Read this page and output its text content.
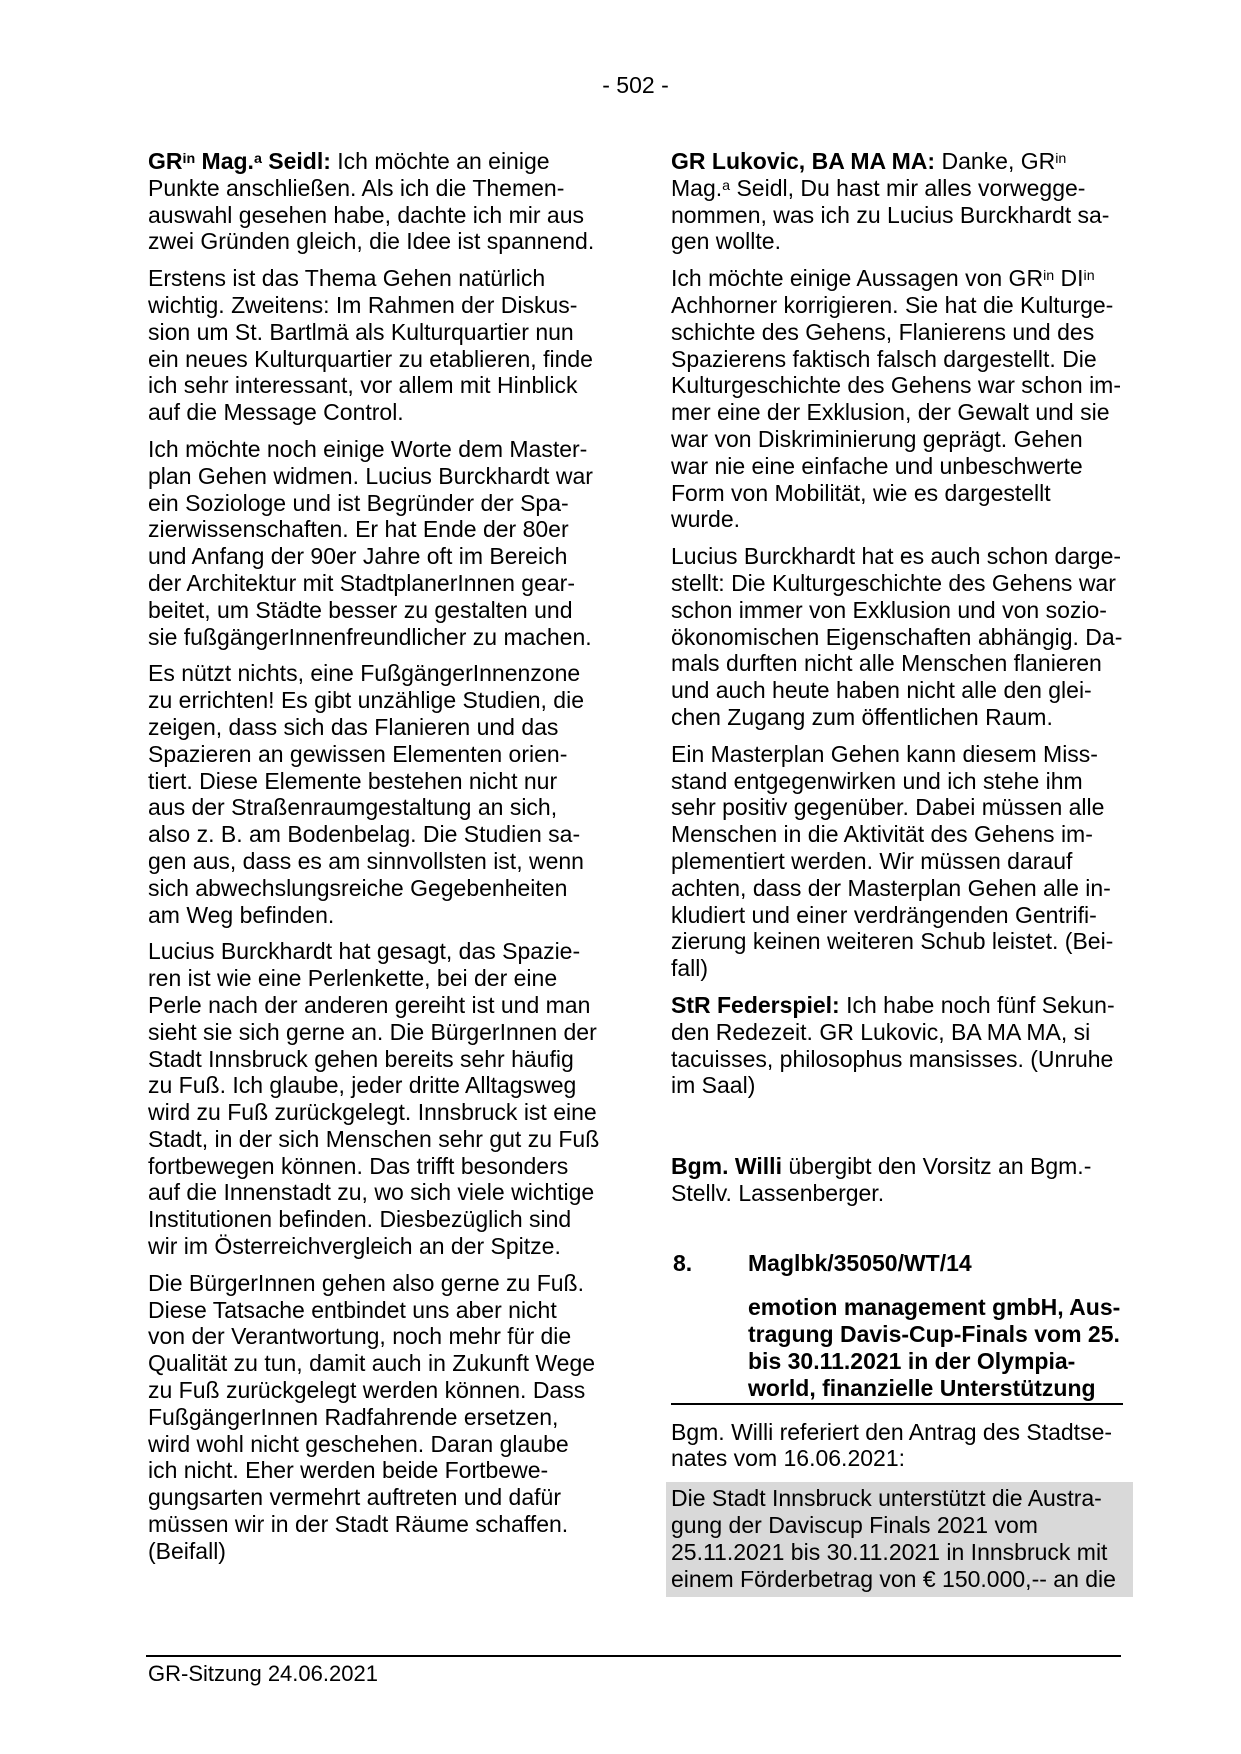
- 502 -
$GR^{in}$ Mag.$^a$ Seidl: Ich möchte an einige
Punkte anschließen. Als ich die Themen-
auswahl gesehen habe, dachte ich mir aus
zwei Gründen gleich, die Idee ist spannend.
Erstens ist das Thema Gehen natürlich
wichtig. Zweitens: Im Rahmen der Diskus-
sion um St. Bartlmä als Kulturquartier nun
ein neues Kulturquartier zu etablieren, finde
ich sehr interessant, vor allem mit Hinblick
auf die Message Control.
Ich möchte noch einige Worte dem Master-
plan Gehen widmen. Lucius Burckhardt war
ein Soziologe und ist Begründer der Spa-
zierwissenschaften. Er hat Ende der 80er
und Anfang der 90er Jahre oft im Bereich
der Architektur mit StadtplanerInnen gear-
beitet, um Städte besser zu gestalten und
sie fußgängerInnenfreundlicher zu machen.
Es nützt nichts, eine FußgängerInnenzone
zu errichten! Es gibt unzählige Studien, die
zeigen, dass sich das Flanieren und das
Spazieren an gewissen Elementen orien-
tiert. Diese Elemente bestehen nicht nur
aus der Straßenraumgestaltung an sich,
also z. B. am Bodenbelag. Die Studien sa-
gen aus, dass es am sinnvollsten ist, wenn
sich abwechslungsreiche Gegebenheiten
am Weg befinden.
Lucius Burckhardt hat gesagt, das Spazie-
ren ist wie eine Perlenkette, bei der eine
Perle nach der anderen gereiht ist und man
sieht sie sich gerne an. Die BürgerInnen der
Stadt Innsbruck gehen bereits sehr häufig
zu Fuß. Ich glaube, jeder dritte Alltagsweg
wird zu Fuß zurückgelegt. Innsbruck ist eine
Stadt, in der sich Menschen sehr gut zu Fuß
fortbewegen können. Das trifft besonders
auf die Innenstadt zu, wo sich viele wichtige
Institutionen befinden. Diesbezüglich sind
wir im Österreichvergleich an der Spitze.
Die BürgerInnen gehen also gerne zu Fuß.
Diese Tatsache entbindet uns aber nicht
von der Verantwortung, noch mehr für die
Qualität zu tun, damit auch in Zukunft Wege
zu Fuß zurückgelegt werden können. Dass
FußgängerInnen Radfahrende ersetzen,
wird wohl nicht geschehen. Daran glaube
ich nicht. Eher werden beide Fortbewe-
gungsarten vermehrt auftreten und dafür
müssen wir in der Stadt Räume schaffen.
(Beifall)
GR Lukovic, BA MA MA: Danke, $GR^{in}$
Mag.$^a$ Seidl, Du hast mir alles vorwegge-
nommen, was ich zu Lucius Burckhardt sa-
gen wollte.
Ich möchte einige Aussagen von $GR^{in}$ $DI^{in}$
Achhorner korrigieren. Sie hat die Kulturge-
schichte des Gehens, Flanierens und des
Spazierens faktisch falsch dargestellt. Die
Kulturgeschichte des Gehens war schon im-
mer eine der Exklusion, der Gewalt und sie
war von Diskriminierung geprägt. Gehen
war nie eine einfache und unbeschwerte
Form von Mobilität, wie es dargestellt
wurde.
Lucius Burckhardt hat es auch schon darge-
stellt: Die Kulturgeschichte des Gehens war
schon immer von Exklusion und von sozio-
ökonomischen Eigenschaften abhängig. Da-
mals durften nicht alle Menschen flanieren
und auch heute haben nicht alle den glei-
chen Zugang zum öffentlichen Raum.
Ein Masterplan Gehen kann diesem Miss-
stand entgegenwirken und ich stehe ihm
sehr positiv gegenüber. Dabei müssen alle
Menschen in die Aktivität des Gehens im-
plementiert werden. Wir müssen darauf
achten, dass der Masterplan Gehen alle in-
kludiert und einer verdrängenden Gentrifi-
zierung keinen weiteren Schub leistet. (Bei-
fall)
StR Federspiel: Ich habe noch fünf Sekun-
den Redezeit. GR Lukovic, BA MA MA, si
tacuisses, philosophus mansisses. (Unruhe
im Saal)
Bgm. Willi übergibt den Vorsitz an Bgm.-
Stellv. Lassenberger.
8. Maglbk/35050/WT/14
emotion management gmbH, Aus-
tragung Davis-Cup-Finals vom 25.
bis 30.11.2021 in der Olympia-
world, finanzielle Unterstützung
Bgm. Willi referiert den Antrag des Stadtse-
nates vom 16.06.2021:
Die Stadt Innsbruck unterstützt die Austra-
gung der Daviscup Finals 2021 vom
25.11.2021 bis 30.11.2021 in Innsbruck mit
einem Förderbetrag von € 150.000,-- an die
GR-Sitzung 24.06.2021
